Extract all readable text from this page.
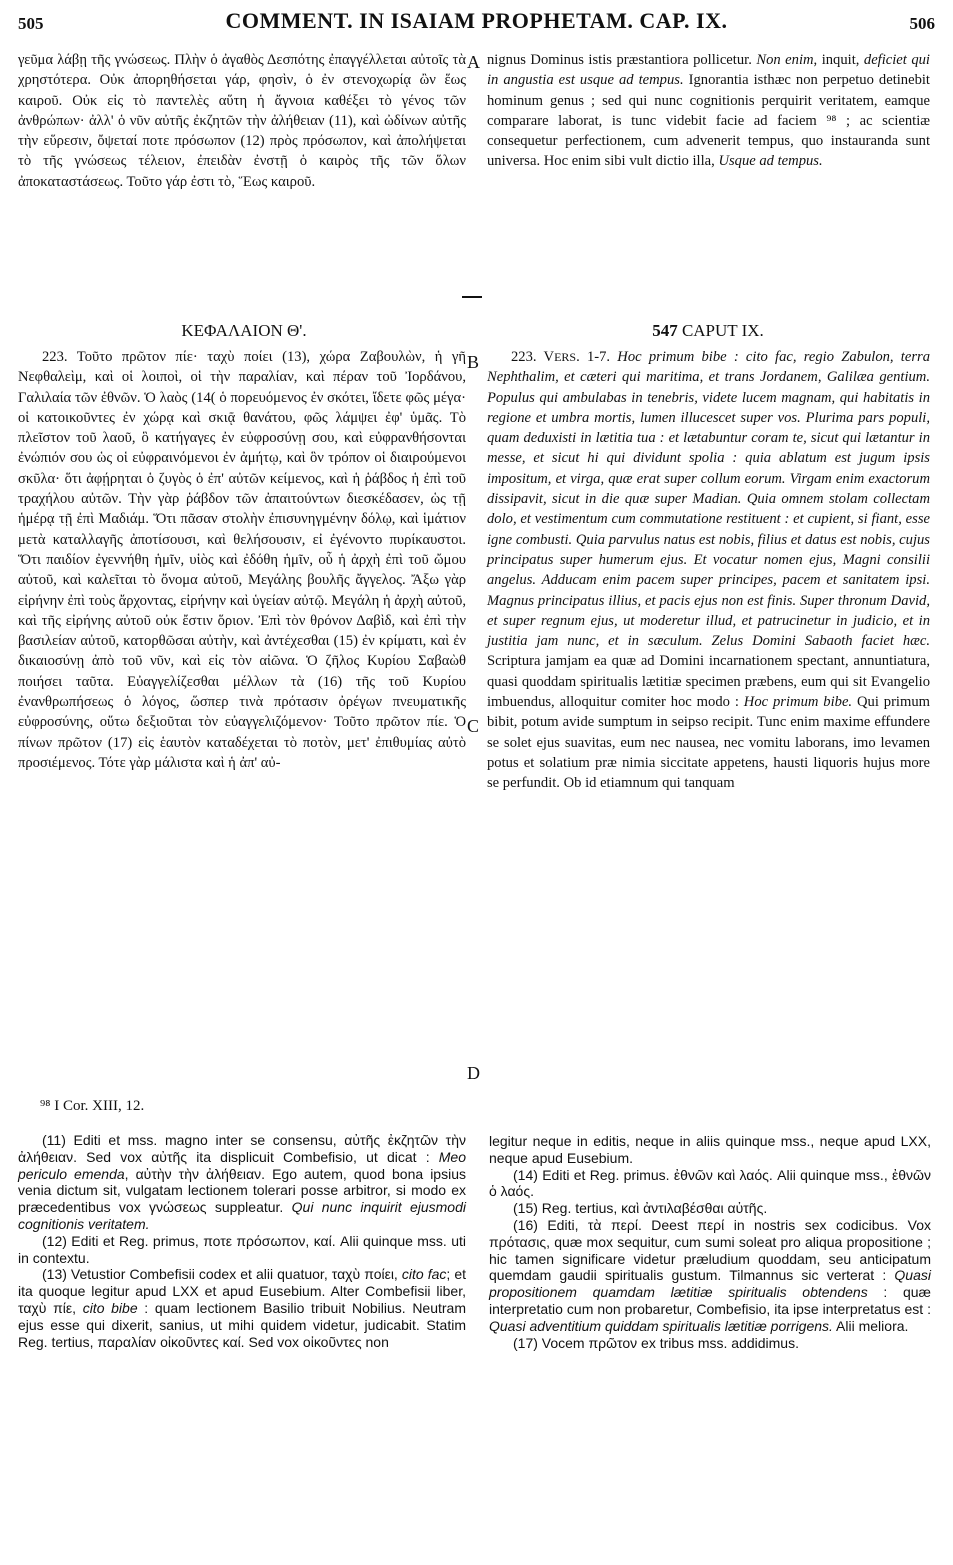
505	COMMENT. IN ISAIAM PROPHETAM. CAP. IX.	506

γεῦμα λάβῃ τῆς γνώσεως. Πλὴν ὁ ἀγαθὸς Δεσπότης ἐπαγγέλλεται αὐτοῖς τὰ χρηστότερα. Οὐκ ἀπορηθήσεται γάρ, φησὶν, ὁ ἐν στενοχωρίᾳ ὢν ἕως καιροῦ. Οὐκ εἰς τὸ παντελὲς αὕτη ἡ ἄγνοια καθέξει τὸ γένος τῶν ἀνθρώπων· ἀλλ' ὁ νῦν αὐτῆς ἐκζητῶν τὴν ἀλήθειαν (11), καὶ ὠδίνων αὐτῆς τὴν εὕρεσιν, ὄψεταί ποτε πρόσωπον (12) πρὸς πρόσωπον, καὶ ἀπολήψεται τὸ τῆς γνώσεως τέλειον, ἐπειδὰν ἐνστῇ ὁ καιρὸς τῆς τῶν ὅλων ἀποκαταστάσεως. Τοῦτο γάρ ἐστι τὸ, Ἕως καιροῦ.

A nignus Dominus istis præstantiora pollicetur. Non enim, inquit, deficiet qui in angustia est usque ad tempus. Ignorantia isthæc non perpetuo detinebit hominum genus ; sed qui nunc cognitionis perquirit veritatem, eamque comparare laborat, is tunc videbit facie ad faciem ⁹⁸ ; ac scientiæ consequetur perfectionem, cum advenerit tempus, quo instauranda sunt universa. Hoc enim sibi vult dictio illa, Usque ad tempus.

ΚΕΦΑΛΑΙΟΝ Θ'.	547 CAPUT IX.

223. Τοῦτο πρῶτον πίε· ταχὺ ποίει (13), χώρα Ζαβουλὼν, ἡ γῆ Νεφθαλεὶμ, καὶ οἱ λοιποὶ, οἱ τὴν παραλίαν, καὶ πέραν τοῦ Ἰορδάνου, Γαλιλαία τῶν ἐθνῶν. Ὁ λαὸς (14( ὁ πορευόμενος ἐν σκότει, ἴδετε φῶς μέγα· οἱ κατοικοῦντες ἐν χώρᾳ καὶ σκιᾷ θανάτου, φῶς λάμψει ἐφ' ὑμᾶς. Τὸ πλεῖστον τοῦ λαοῦ, ὃ κατήγαγες ἐν εὐφροσύνῃ σου, καὶ εὐφρανθήσονται ἐνώπιόν σου ὡς οἱ εὐφραινόμενοι ἐν ἀμήτῳ, καὶ ὃν τρόπον οἱ διαιρούμενοι σκῦλα· ὅτι ἀφῄρηται ὁ ζυγὸς ὁ ἐπ' αὐτῶν κείμενος, καὶ ἡ ῥάβδος ἡ ἐπὶ τοῦ τραχήλου αὐτῶν. Τὴν γὰρ ῥάβδον τῶν ἀπαιτούντων διεσκέδασεν, ὡς τῇ ἡμέρᾳ τῇ ἐπὶ Μαδιάμ. Ὅτι πᾶσαν στολὴν ἐπισυνηγμένην δόλῳ, καὶ ἱμάτιον μετὰ καταλλαγῆς ἀποτίσουσι, καὶ θελήσουσιν, εἰ ἐγένοντο πυρίκαυστοι. Ὅτι παιδίον ἐγεννήθη ἡμῖν, υἱὸς καὶ ἐδόθη ἡμῖν, οὗ ἡ ἀρχὴ ἐπὶ τοῦ ὤμου αὐτοῦ, καὶ καλεῖται τὸ ὄνομα αὐτοῦ, Μεγάλης βουλῆς ἄγγελος. Ἄξω γὰρ εἰρήνην ἐπὶ τοὺς ἄρχοντας, εἰρήνην καὶ ὑγείαν αὐτῷ. Μεγάλη ἡ ἀρχὴ αὐτοῦ, καὶ τῆς εἰρήνης αὐτοῦ οὐκ ἔστιν ὅριον. Ἐπὶ τὸν θρόνον Δαβὶδ, καὶ ἐπὶ τὴν βασιλείαν αὐτοῦ, κατορθῶσαι αὐτὴν, καὶ ἀντέχεσθαι (15) ἐν κρίματι, καὶ ἐν δικαιοσύνῃ ἀπὸ τοῦ νῦν, καὶ εἰς τὸν αἰῶνα. Ὁ ζῆλος Κυρίου Σαβαὼθ ποιήσει ταῦτα. Εὐαγγελίζεσθαι μέλλων τὰ (16) τῆς τοῦ Κυρίου ἐνανθρωπήσεως ὁ λόγος, ὥσπερ τινὰ πρότασιν ὀρέγων πνευματικῆς εὐφροσύνης, οὕτω δεξιοῦται τὸν εὐαγγελιζόμενον· Τοῦτο πρῶτον πίε. Ὁ πίνων πρῶτον (17) εἰς ἑαυτὸν καταδέχεται τὸ ποτὸν, μετ' ἐπιθυμίας αὐτὸ προσιέμενος. Τότε γὰρ μάλιστα καὶ ἡ ἀπ' αὐ-

B
C
D

223. VERS. 1-7. Hoc primum bibe : cito fac, regio Zabulon, terra Nephthalim, et cæteri qui maritima, et trans Jordanem, Galilæa gentium. Populus qui ambulabas in tenebris, videte lucem magnam, qui habitatis in regione et umbra mortis, lumen illucescet super vos. Plurima pars populi, quam deduxisti in lætitia tua : et lætabuntur coram te, sicut qui lætantur in messe, et sicut hi qui dividunt spolia : quia ablatum est jugum ipsis impositum, et virga, quæ erat super collum eorum. Virgam enim exactorum dissipavit, sicut in die quæ super Madian. Quia omnem stolam collectam dolo, et vestimentum cum commutatione restituent : et cupient, si fiant, esse igne combusti. Quia parvulus natus est nobis, filius et datus est nobis, cujus principatus super humerum ejus. Et vocatur nomen ejus, Magni consilii angelus. Adducam enim pacem super principes, pacem et sanitatem ipsi. Magnus principatus illius, et pacis ejus non est finis. Super thronum David, et super regnum ejus, ut moderetur illud, et patrucinetur in judicio, et in justitia jam nunc, et in sæculum. Zelus Domini Sabaoth faciet hæc. Scriptura jamjam ea quæ ad Domini incarnationem spectant, annuntiatura, quasi quoddam spiritualis lætitiæ specimen præbens, eum qui sit Evangelio imbuendus, alloquitur comiter hoc modo : Hoc primum bibe. Qui primum bibit, potum avide sumptum in seipso recipit. Tunc enim maxime effundere se solet ejus suavitas, eum nec nausea, nec vomitu laborans, imo levamen potus et solatium præ nimia siccitate appetens, hausti liquoris hujus more se perfundit. Ob id etiamnum qui tanquam

⁹⁸ I Cor. XIII, 12.

(11) Editi et mss. magno inter se consensu, αὐτῆς ἐκζητῶν τὴν ἀλήθειαν. Sed vox αὐτῆς ita displicuit Combefisio, ut dicat : Meo periculo emenda, αὐτὴν τὴν ἀλήθειαν. Ego autem, quod bona ipsius venia dictum sit, vulgatam lectionem tolerari posse arbitror, si modo ex præcedentibus vox γνώσεως suppleatur. Qui nunc inquirit ejusmodi cognitionis veritatem.

(12) Editi et Reg. primus, ποτε πρόσωπον, καί. Alii quinque mss. uti in contextu.

(13) Vetustior Combefisii codex et alii quatuor, ταχὺ ποίει, cito fac; et ita quoque legitur apud LXX et apud Eusebium. Alter Combefisii liber, ταχὺ πίε, cito bibe : quam lectionem Basilio tribuit Nobilius. Neutram ejus esse qui dixerit, sanius, ut mihi quidem videtur, judicabit. Statim Reg. tertius, παραλίαν οἰκοῦντες καί. Sed vox οἰκοῦντες non

legitur neque in editis, neque in aliis quinque mss., neque apud LXX, neque apud Eusebium.

(14) Editi et Reg. primus. ἐθνῶν καὶ λαός. Alii quinque mss., ἐθνῶν ὁ λαός.

(15) Reg. tertius, καὶ ἀντιλαβέσθαι αὐτῆς.

(16) Editi, τὰ περί. Deest περί in nostris sex codicibus. Vox πρότασις, quæ mox sequitur, cum sumi soleat pro aliqua propositione ; hic tamen significare videtur præludium quoddam, seu anticipatum quemdam gaudii spiritualis gustum. Tilmannus sic verterat : Quasi propositionem quamdam lætitiæ spiritualis obtendens : quæ interpretatio cum non probaretur, Combefisio, ita ipse interpretatus est : Quasi adventitium quiddam spiritualis lætitiæ porrigens. Alii meliora.

(17) Vocem πρῶτον ex tribus mss. addidimus.
